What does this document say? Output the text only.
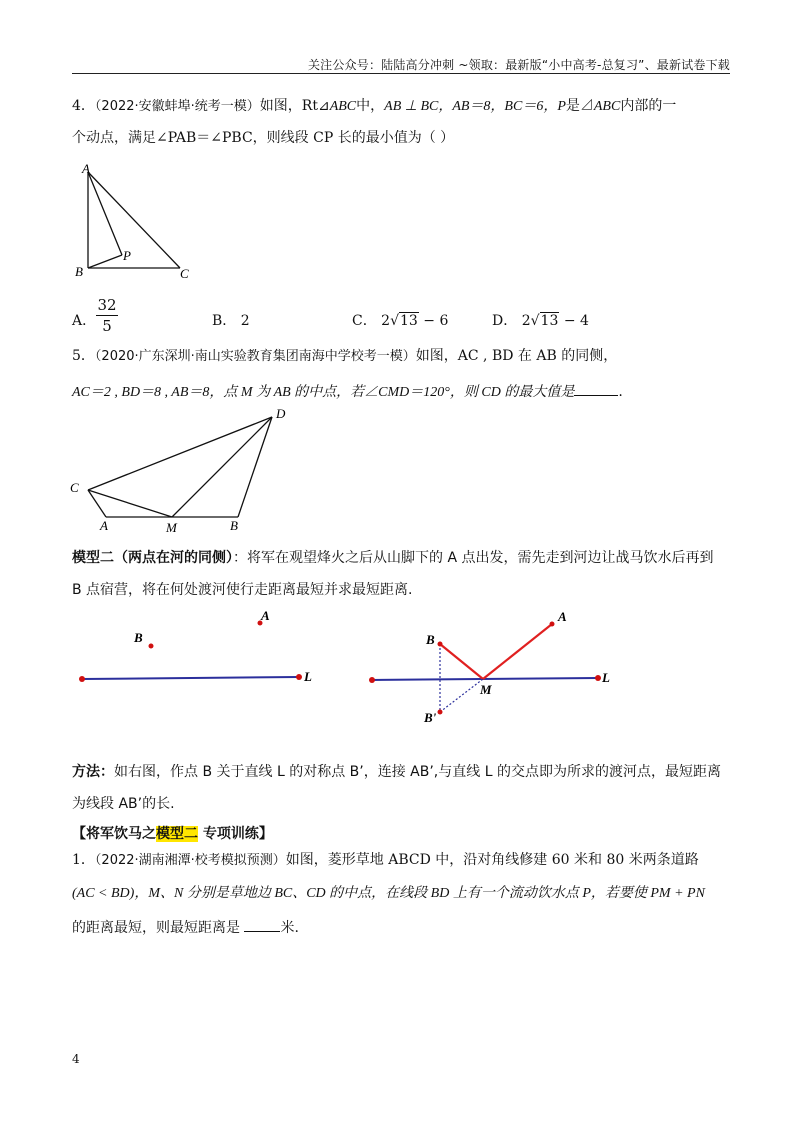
关注公众号：陆陆高分冲刺 ~领取：最新版“小中高考-总复习”、最新试卷下载
4．（2022·安徽蚌埠·统考一模）如图，Rt⊿ABC中，AB ⊥ BC，AB＝8，BC＝6，P是⊿ABC内部的一
个动点，满足∠PAB＝∠PBC，则线段 CP 长的最小值为（ ）
A
B	C
P
A．
32
5	B． 2	C． 2√13 − 6	D． 2√13 − 4
5．（2020·广东深圳·南山实验教育集团南海中学校考一模）如图，AC , BD 在 AB 的同侧，
AC＝2 , BD＝8 , AB＝8，点 M 为 AB 的中点，若∠CMD＝120°，则 CD 的最大值是	.
C
D
A	M	B
模型二（两点在河的同侧）：将军在观望烽火之后从山脚下的 A 点出发，需先走到河边让战马饮水后再到
B 点宿营，将在何处渡河使行走距离最短并求最短距离.
A
B
L
A
B
B'
M
L
方法：如右图，作点 B 关于直线 L 的对称点 B’，连接 AB’,与直线 L 的交点即为所求的渡河点，最短距离
为线段 AB’的长.
【将军饮马之模型二 专项训练】
1．（2022·湖南湘潭·校考模拟预测）如图，菱形草地 ABCD 中，沿对角线修建 60 米和 80 米两条道路
(AC < BD)，M、N 分别是草地边 BC、CD 的中点，在线段 BD 上有一个流动饮水点 P，若要使 PM + PN
的距离最短，则最短距离是	米.
4
